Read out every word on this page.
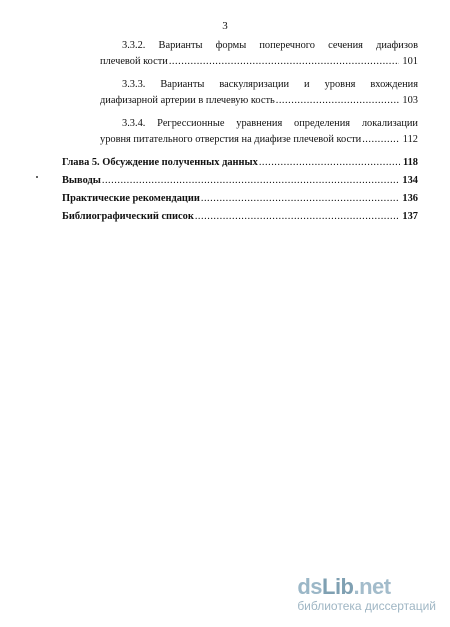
3
3.3.2. Варианты формы поперечного сечения диафизов
плечевой кости .....	101
3.3.3. Варианты васкуляризации и уровня вхождения
диафизарной артерии в плечевую кость .....	103
3.3.4. Регрессионные уравнения определения локализации
уровня питательного отверстия на диафизе плечевой кости .....	112
Глава 5. Обсуждение полученных данных .....	118
Выводы .....	134
Практические рекомендации .....	136
Библиографический список .....	137
dsLib.net
библиотека диссертаций
